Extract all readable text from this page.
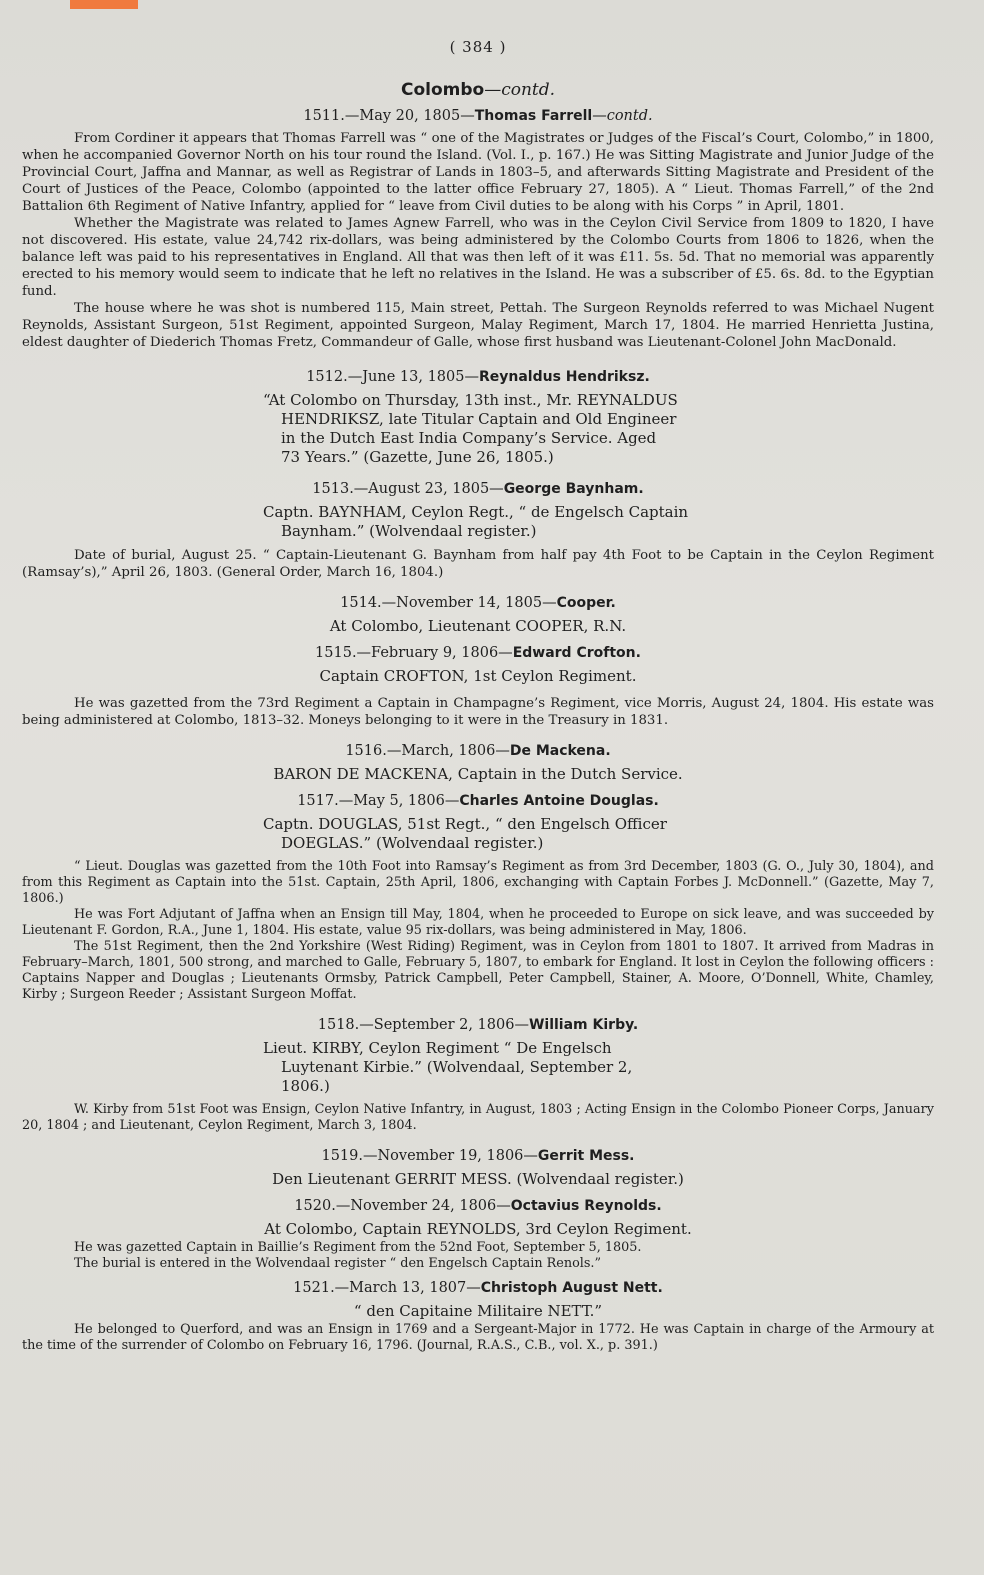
( 384 )
Colombo—contd.
1511.—May 20, 1805—Thomas Farrell—contd.

From Cordiner it appears that Thomas Farrell was “ one of the Magistrates or Judges of the Fiscal’s Court, Colombo,” in 1800, when he accompanied Governor North on his tour round the Island. (Vol. I., p. 167.) He was Sitting Magistrate and Junior Judge of the Provincial Court, Jaffna and Mannar, as well as Registrar of Lands in 1803–5, and afterwards Sitting Magistrate and President of the Court of Justices of the Peace, Colombo (appointed to the latter office February 27, 1805). A “ Lieut. Thomas Farrell,” of the 2nd Battalion 6th Regiment of Native Infantry, applied for “ leave from Civil duties to be along with his Corps ” in April, 1801.

Whether the Magistrate was related to James Agnew Farrell, who was in the Ceylon Civil Service from 1809 to 1820, I have not discovered. His estate, value 24,742 rix-dollars, was being administered by the Colombo Courts from 1806 to 1826, when the balance left was paid to his representatives in England. All that was then left of it was £11. 5s. 5d. That no memorial was apparently erected to his memory would seem to indicate that he left no relatives in the Island. He was a subscriber of £5. 6s. 8d. to the Egyptian fund.

The house where he was shot is numbered 115, Main street, Pettah. The Surgeon Reynolds referred to was Michael Nugent Reynolds, Assistant Surgeon, 51st Regiment, appointed Surgeon, Malay Regiment, March 17, 1804. He married Henrietta Justina, eldest daughter of Diederich Thomas Fretz, Commandeur of Galle, whose first husband was Lieutenant-Colonel John MacDonald.

1512.—June 13, 1805—Reynaldus Hendriksz.

“At Colombo on Thursday, 13th inst., Mr. REYNALDUS

HENDRIKSZ, late Titular Captain and Old Engineer

in the Dutch East India Company’s Service. Aged

73 Years.” (Gazette, June 26, 1805.)

1513.—August 23, 1805—George Baynham.

Captn. BAYNHAM, Ceylon Regt., “ de Engelsch Captain

Baynham.” (Wolvendaal register.)

Date of burial, August 25. “ Captain-Lieutenant G. Baynham from half pay 4th Foot to be Captain in the Ceylon Regiment (Ramsay’s),” April 26, 1803. (General Order, March 16, 1804.)

1514.—November 14, 1805—Cooper.
At Colombo, Lieutenant COOPER, R.N.
1515.—February 9, 1806—Edward Crofton.
Captain CROFTON, 1st Ceylon Regiment.

He was gazetted from the 73rd Regiment a Captain in Champagne’s Regiment, vice Morris, August 24, 1804. His estate was being administered at Colombo, 1813–32. Moneys belonging to it were in the Treasury in 1831.

1516.—March, 1806—De Mackena.
BARON DE MACKENA, Captain in the Dutch Service.
1517.—May 5, 1806—Charles Antoine Douglas.

Captn. DOUGLAS, 51st Regt., “ den Engelsch Officer

DOEGLAS.” (Wolvendaal register.)

“ Lieut. Douglas was gazetted from the 10th Foot into Ramsay’s Regiment as from 3rd December, 1803 (G. O., July 30, 1804), and from this Regiment as Captain into the 51st. Captain, 25th April, 1806, exchanging with Captain Forbes J. McDonnell.” (Gazette, May 7, 1806.)

He was Fort Adjutant of Jaffna when an Ensign till May, 1804, when he proceeded to Europe on sick leave, and was succeeded by Lieutenant F. Gordon, R.A., June 1, 1804. His estate, value 95 rix-dollars, was being administered in May, 1806.

The 51st Regiment, then the 2nd Yorkshire (West Riding) Regiment, was in Ceylon from 1801 to 1807. It arrived from Madras in February–March, 1801, 500 strong, and marched to Galle, February 5, 1807, to embark for England. It lost in Ceylon the following officers : Captains Napper and Douglas ; Lieutenants Ormsby, Patrick Campbell, Peter Campbell, Stainer, A. Moore, O’Donnell, White, Chamley, Kirby ; Surgeon Reeder ; Assistant Surgeon Moffat.

1518.—September 2, 1806—William Kirby.

Lieut. KIRBY, Ceylon Regiment “ De Engelsch

Luytenant Kirbie.” (Wolvendaal, September 2,

1806.)

W. Kirby from 51st Foot was Ensign, Ceylon Native Infantry, in August, 1803 ; Acting Ensign in the Colombo Pioneer Corps, January 20, 1804 ; and Lieutenant, Ceylon Regiment, March 3, 1804.

1519.—November 19, 1806—Gerrit Mess.
Den Lieutenant GERRIT MESS. (Wolvendaal register.)
1520.—November 24, 1806—Octavius Reynolds.
At Colombo, Captain REYNOLDS, 3rd Ceylon Regiment.

He was gazetted Captain in Baillie’s Regiment from the 52nd Foot, September 5, 1805.

The burial is entered in the Wolvendaal register “ den Engelsch Captain Renols.”

1521.—March 13, 1807—Christoph August Nett.
“ den Capitaine Militaire NETT.”

He belonged to Querford, and was an Ensign in 1769 and a Sergeant-Major in 1772. He was Captain in charge of the Armoury at the time of the surrender of Colombo on February 16, 1796. (Journal, R.A.S., C.B., vol. X., p. 391.)
